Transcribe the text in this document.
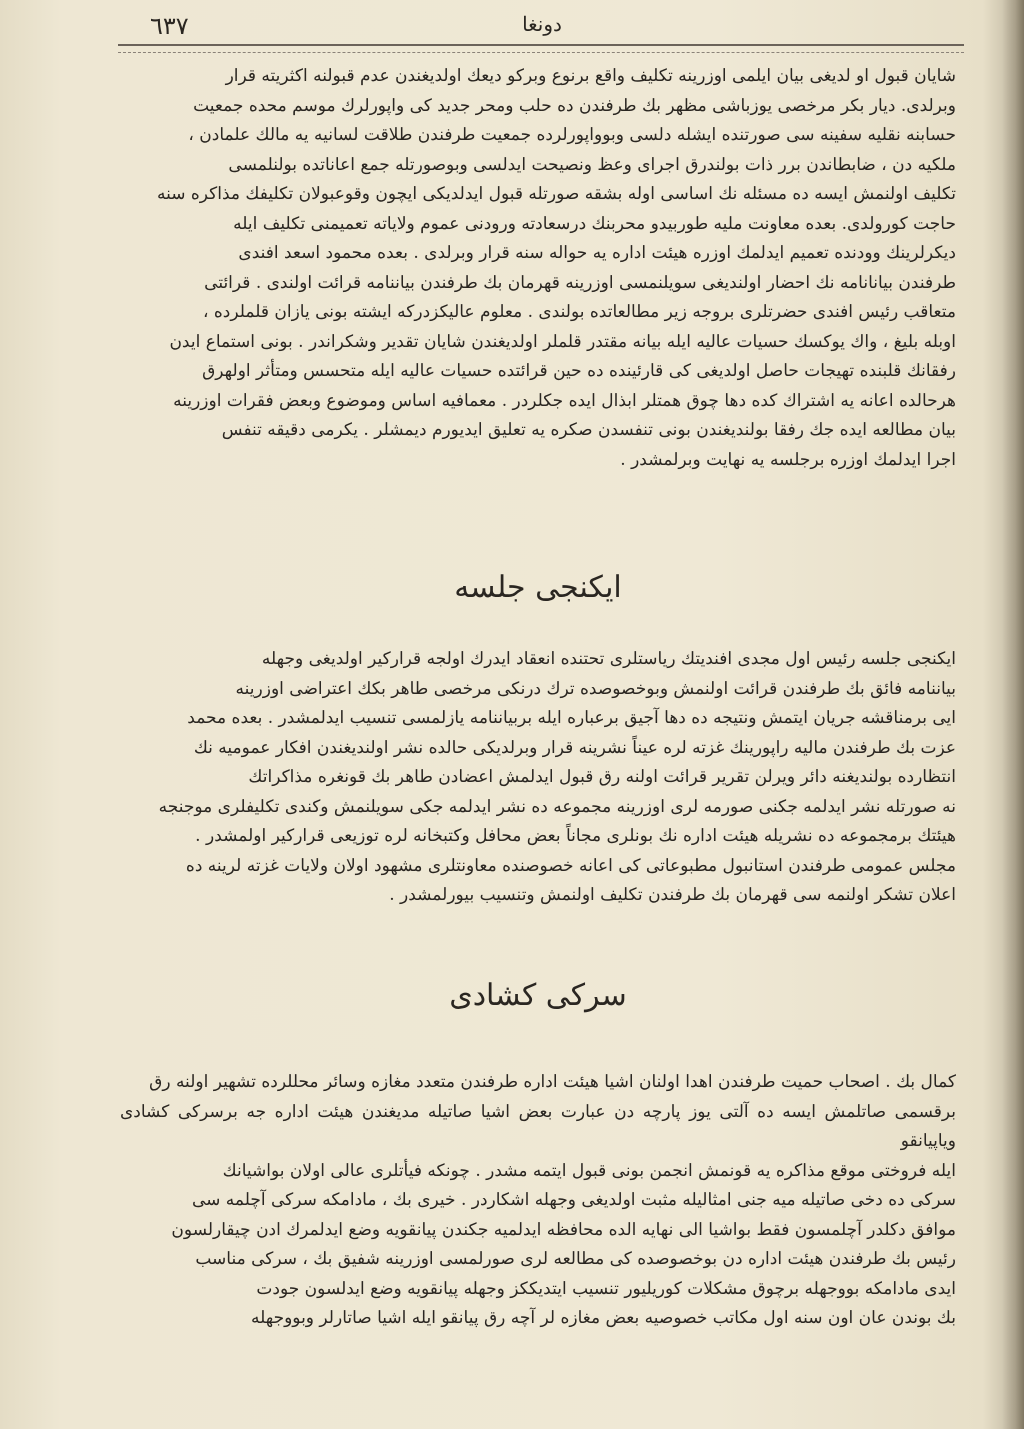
٦٣٧	دونغا

شايان قبول او لديغى بيان ايلمى اوزرينه تكليف واقع برنوع وبركو ديعك اولديغندن عدم قبولنه اكثريته قرار

وبرلدى. ديار بكر مرخصى يوزباشى مظهر بك طرفندن ده حلب ومحر جديد كى واپورلرك موسم محده جمعيت

حسابنه نقليه سفينه سى صورتنده ايشله دلسى وبوواپورلرده جمعيت طرفندن طلاقت لسانيه يه مالك علمادن ،

ملكيه دن ، ضابطاندن برر ذات بولندرق اجراى وعظ ونصيحت ايدلسى وبوصورتله جمع اعاناتده بولنلمسى

تكليف اولنمش ايسه ده مسئله نك اساسى اوله بشقه صورتله قبول ايدلديكى ايچون وقوعبولان تكليفك مذاكره سنه

حاجت كورولدى. بعده معاونت مليه طوربيدو محربنك درسعادته ورودنى عموم ولاياته تعميمنى تكليف ايله

ديكرلرينك وودنده تعميم ايدلمك اوزره هيئت اداره يه حواله سنه قرار وبرلدى . بعده محمود اسعد افندى

طرفندن بيانانامه نك احضار اولنديغى سويلنمسى اوزرينه قهرمان بك طرفندن بياننامه قرائت اولندى . قرائتى

متعاقب رئيس افندى حضرتلرى بروجه زير مطالعاتده بولندى . معلوم عاليكزدركه ايشته بونى يازان قلملرده ،

اوبله بليغ ، واك يوكسك حسيات عاليه ايله بيانه مقتدر قلملر اولديغندن شايان تقدير وشكراندر . بونى استماع ايدن

رفقانك قلبنده تهيجات حاصل اولديغى كى قارئينده ده حين قرائتده حسيات عاليه ايله متحسس ومتأثر اولهرق

هرحالده اعانه يه اشتراك كده دها چوق همتلر ابذال ايده جكلردر . معمافيه اساس وموضوع وبعض فقرات اوزرينه

بيان مطالعه ايده جك رفقا بولنديغندن بونى تنفسدن صكره يه تعليق ايديورم ديمشلر . يكرمى دقيقه تنفس

اجرا ايدلمك اوزره برجلسه يه نهايت وبرلمشدر .

ايكنجى جلسه

ايكنجى جلسه رئيس اول مجدى افنديتك رياستلرى تحتنده انعقاد ايدرك اولجه قرارکير اولديغى وجهله

بياننامه فائق بك طرفندن قرائت اولنمش وبوخصوصده ترك درنكى مرخصى طاهر بكك اعتراضى اوزرينه

ايى برمناقشه جريان ايتمش ونتيجه ده دها آجيق برعباره ايله بربياننامه يازلمسى تنسيب ايدلمشدر . بعده محمد

عزت بك طرفندن ماليه راپورينك غزته لره عيناً نشرينه قرار وبرلديكى حالده نشر اولنديغندن افكار عموميه نك

انتظارده بولنديغنه دائر ويرلن تقرير قرائت اولنه رق قبول ايدلمش اعضادن طاهر بك قونغره مذاكراتك

نه صورتله نشر ايدلمه جكنى صورمه لرى اوزرينه مجموعه ده نشر ايدلمه جكى سويلنمش وكندى تكليفلرى موجنجه

هيئتك برمجموعه ده نشريله هيئت اداره نك بونلرى مجاناً بعض محافل وكتبخانه لره توزيعى قراركير اولمشدر .

مجلس عمومى طرفندن استانبول مطبوعاتى كى اعانه خصوصنده معاونتلرى مشهود اولان ولايات غزته لرينه ده

اعلان تشكر اولنمه سى قهرمان بك طرفندن تكليف اولنمش وتنسيب بيورلمشدر .

سركى كشادى

كمال بك . اصحاب حميت طرفندن اهدا اولنان اشيا هيئت اداره طرفندن متعدد مغازه وسائر محللرده تشهير اولنه رق

برقسمى صاتلمش ايسه ده آلتى يوز پارچه دن عبارت بعض اشيا صاتيله مديغندن هيئت اداره جه برسركى كشادى وياپيانقو

ايله فروختى موقع مذاكره يه قونمش انجمن بونى قبول ايتمه مشدر . چونكه فيأتلرى عالى اولان بواشيانك

سركى ده دخى صاتيله ميه جنى امثاليله مثبت اولديغى وجهله اشكاردر . خيرى بك ، مادامكه سركى آچلمه سى

موافق دكلدر آچلمسون فقط بواشيا الى نهايه الده محافظه ايدلميه جكندن پيانقويه وضع ايدلمرك ادن چيقارلسون

رئيس بك طرفندن هيئت اداره دن بوخصوصده كى مطالعه لرى صورلمسى اوزرينه شفيق بك ، سركى مناسب

ايدى مادامكه بووجهله برچوق مشكلات كوريليور تنسيب ايتديككز وجهله پيانقويه وضع ايدلسون جودت

بك بوندن عان اون سنه اول مكاتب خصوصيه بعض مغازه لر آچه رق پيانقو ايله اشيا صاتارلر وبووجهله
